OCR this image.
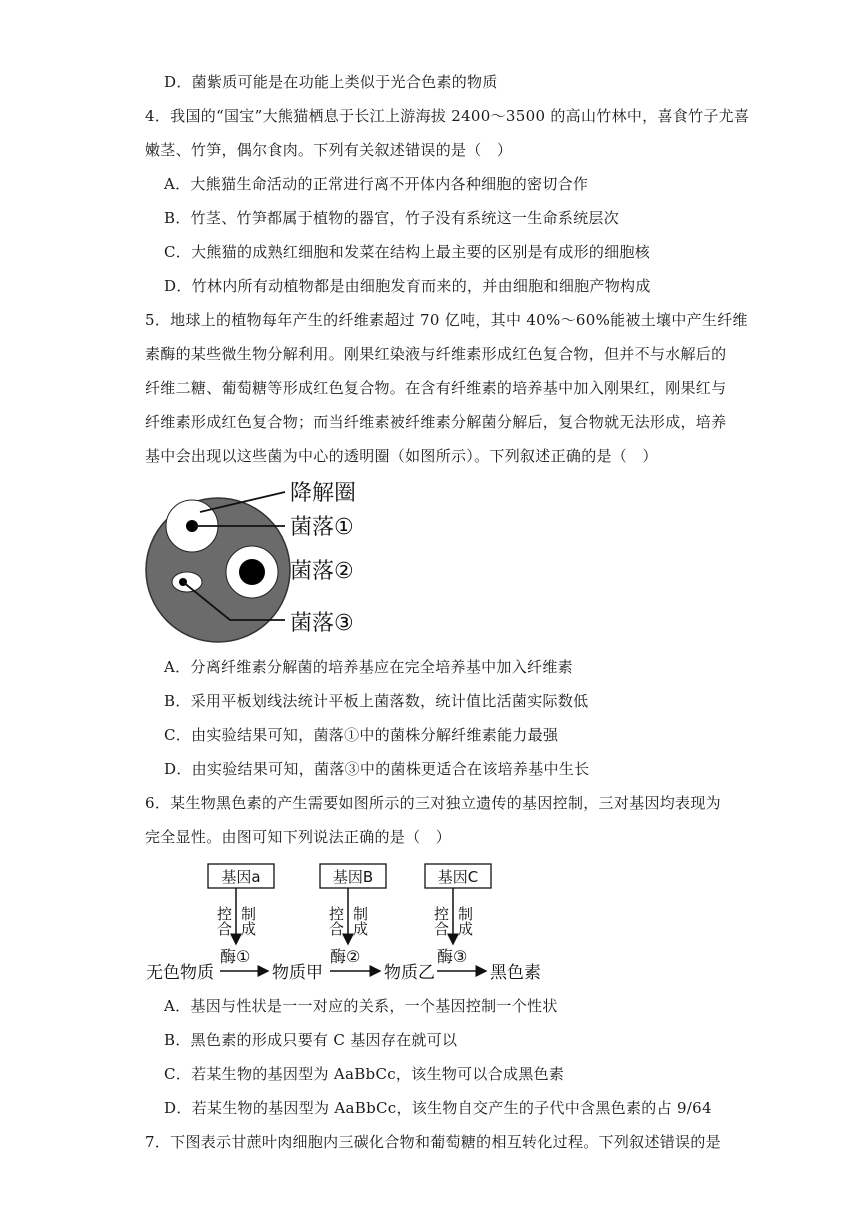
D．菌紫质可能是在功能上类似于光合色素的物质
4．我国的“国宝”大熊猫栖息于长江上游海拔 2400～3500 的高山竹林中，喜食竹子尤喜
嫩茎、竹笋，偶尔食肉。下列有关叙述错误的是（　）
A．大熊猫生命活动的正常进行离不开体内各种细胞的密切合作
B．竹茎、竹笋都属于植物的器官，竹子没有系统这一生命系统层次
C．大熊猫的成熟红细胞和发菜在结构上最主要的区别是有成形的细胞核
D．竹林内所有动植物都是由细胞发育而来的，并由细胞和细胞产物构成
5．地球上的植物每年产生的纤维素超过 70 亿吨，其中 40%～60%能被土壤中产生纤维
素酶的某些微生物分解利用。刚果红染液与纤维素形成红色复合物，但并不与水解后的
纤维二糖、葡萄糖等形成红色复合物。在含有纤维素的培养基中加入刚果红，刚果红与
纤维素形成红色复合物；而当纤维素被纤维素分解菌分解后，复合物就无法形成，培养
基中会出现以这些菌为中心的透明圈（如图所示）。下列叙述正确的是（　）
降解圈
菌落①
菌落②
菌落③
A．分离纤维素分解菌的培养基应在完全培养基中加入纤维素
B．采用平板划线法统计平板上菌落数，统计值比活菌实际数低
C．由实验结果可知，菌落①中的菌株分解纤维素能力最强
D．由实验结果可知，菌落③中的菌株更适合在该培养基中生长
6．某生物黑色素的产生需要如图所示的三对独立遗传的基因控制，三对基因均表现为
完全显性。由图可知下列说法正确的是（　）
基因a	基因B	基因C
控合 制成	控合 制成	控合 制成
酶①	酶②	酶③
无色物质	物质甲	物质乙	黑色素
A．基因与性状是一一对应的关系，一个基因控制一个性状
B．黑色素的形成只要有 C 基因存在就可以
C．若某生物的基因型为 AaBbCc，该生物可以合成黑色素
D．若某生物的基因型为 AaBbCc，该生物自交产生的子代中含黑色素的占 9/64
7．下图表示甘蔗叶肉细胞内三碳化合物和葡萄糖的相互转化过程。下列叙述错误的是
